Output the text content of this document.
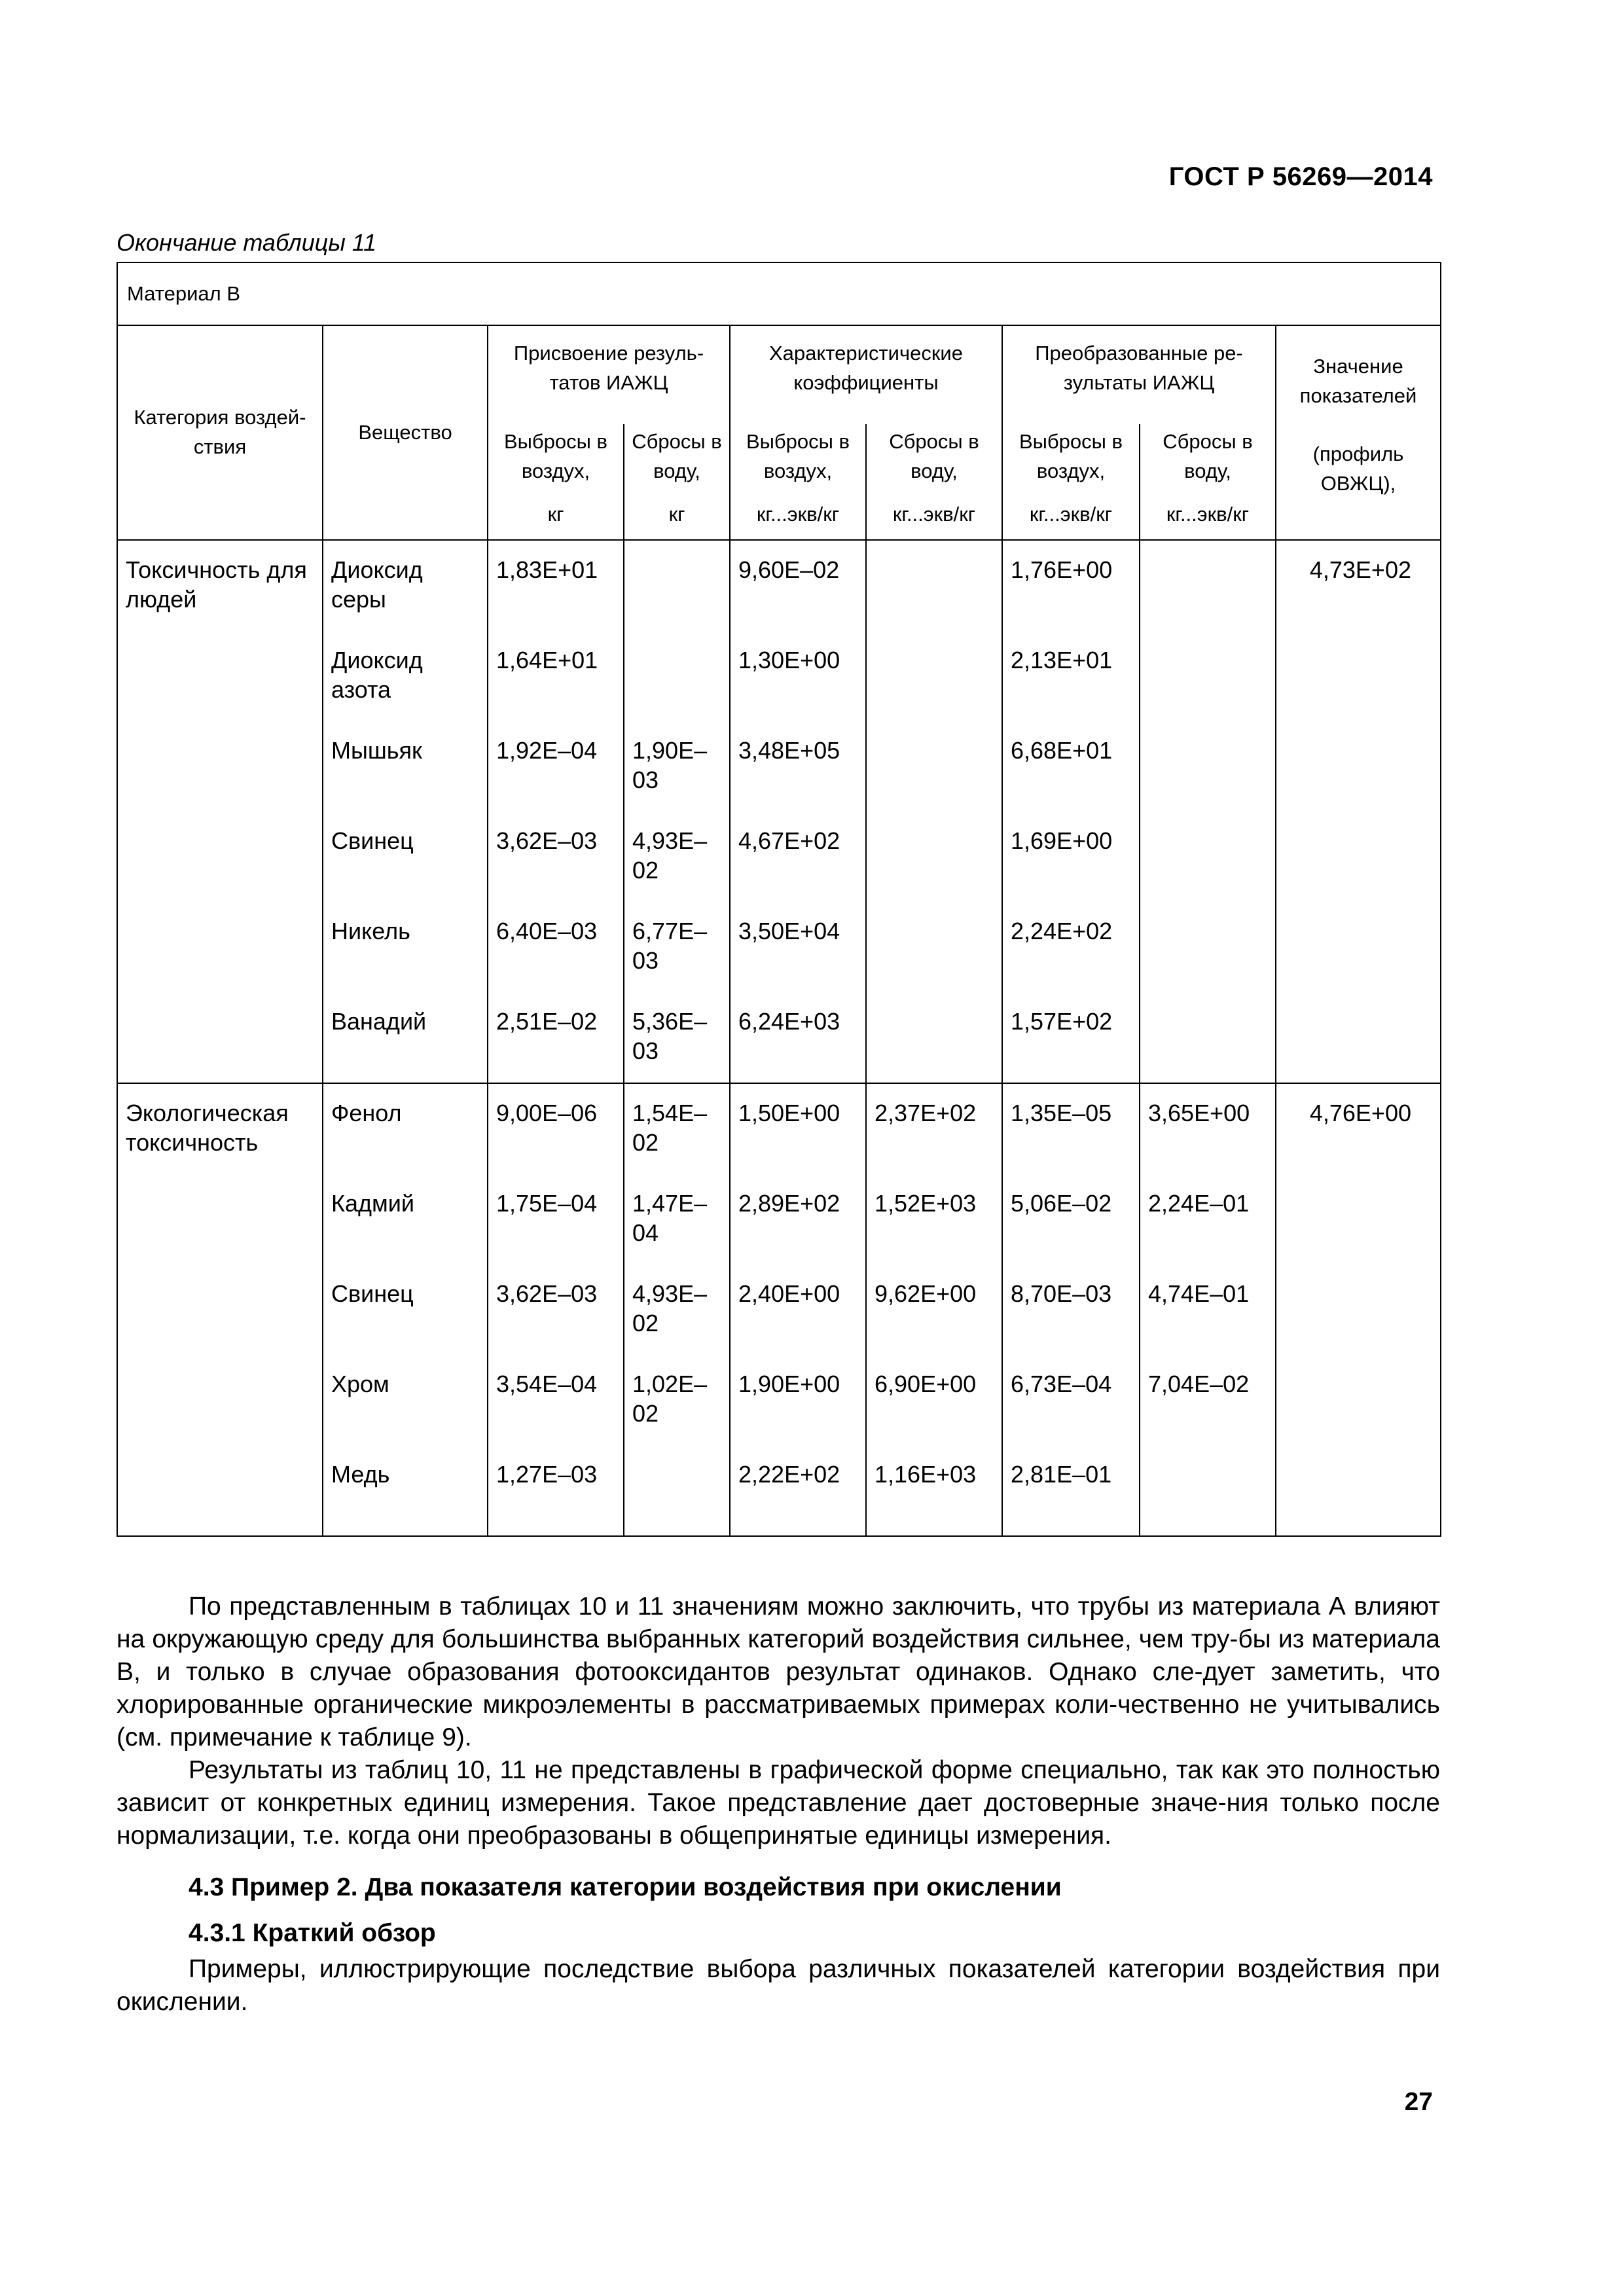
ГОСТ Р 56269—2014
Окончание таблицы 11
Материал В								
Категория воздей-ствия	Вещество	Присвоение резуль-татов ИАЖЦ		Характеристические коэффициенты		Преобразованные ре-зультаты ИАЖЦ		Значение показателей
(профиль ОВЖЦ),

		Выбросы в воздух,	Сбросы в воду,	Выбросы в воздух,	Сбросы в воду,	Выбросы в воздух,	Сбросы в воду,	
		кг	кг	кг...экв/кг	кг...экв/кг	кг...экв/кг	кг...экв/кг	

Токсичность для людей	Диоксид серы	1,83E+01		9,60E–02		1,76E+00		4,73E+02

	Диоксид азота	1,64E+01		1,30E+00		2,13E+01		

	Мышьяк	1,92E–04	1,90E–03	3,48E+05		6,68E+01		

	Свинец	3,62E–03	4,93E–02	4,67E+02		1,69E+00		

	Никель	6,40E–03	6,77E–03	3,50E+04		2,24E+02		

	Ванадий	2,51E–02	5,36E–03	6,24E+03		1,57E+02		

Экологическая токсичность	Фенол	9,00E–06	1,54E–02	1,50E+00	2,37E+02	1,35E–05	3,65E+00	4,76E+00

	Кадмий	1,75E–04	1,47E–04	2,89E+02	1,52E+03	5,06E–02	2,24E–01	

	Свинец	3,62E–03	4,93E–02	2,40E+00	9,62E+00	8,70E–03	4,74E–01	

	Хром	3,54E–04	1,02E–02	1,90E+00	6,90E+00	6,73E–04	7,04E–02	

	Медь	1,27E–03		2,22E+02	1,16E+03	2,81E–01		

По представленным в таблицах 10 и 11 значениям можно заключить, что трубы из материала А влияют на окружающую среду для большинства выбранных категорий воздействия сильнее, чем тру-бы из материала В, и только в случае образования фотооксидантов результат одинаков. Однако сле-дует заметить, что хлорированные органические микроэлементы в рассматриваемых примерах коли-чественно не учитывались (см. примечание к таблице 9).

Результаты из таблиц 10, 11 не представлены в графической форме специально, так как это полностью зависит от конкретных единиц измерения. Такое представление дает достоверные значе-ния только после нормализации, т.е. когда они преобразованы в общепринятые единицы измерения.

4.3 Пример 2. Два показателя категории воздействия при окислении
4.3.1 Краткий обзор

Примеры, иллюстрирующие последствие выбора различных показателей категории воздействия при окислении.

27
